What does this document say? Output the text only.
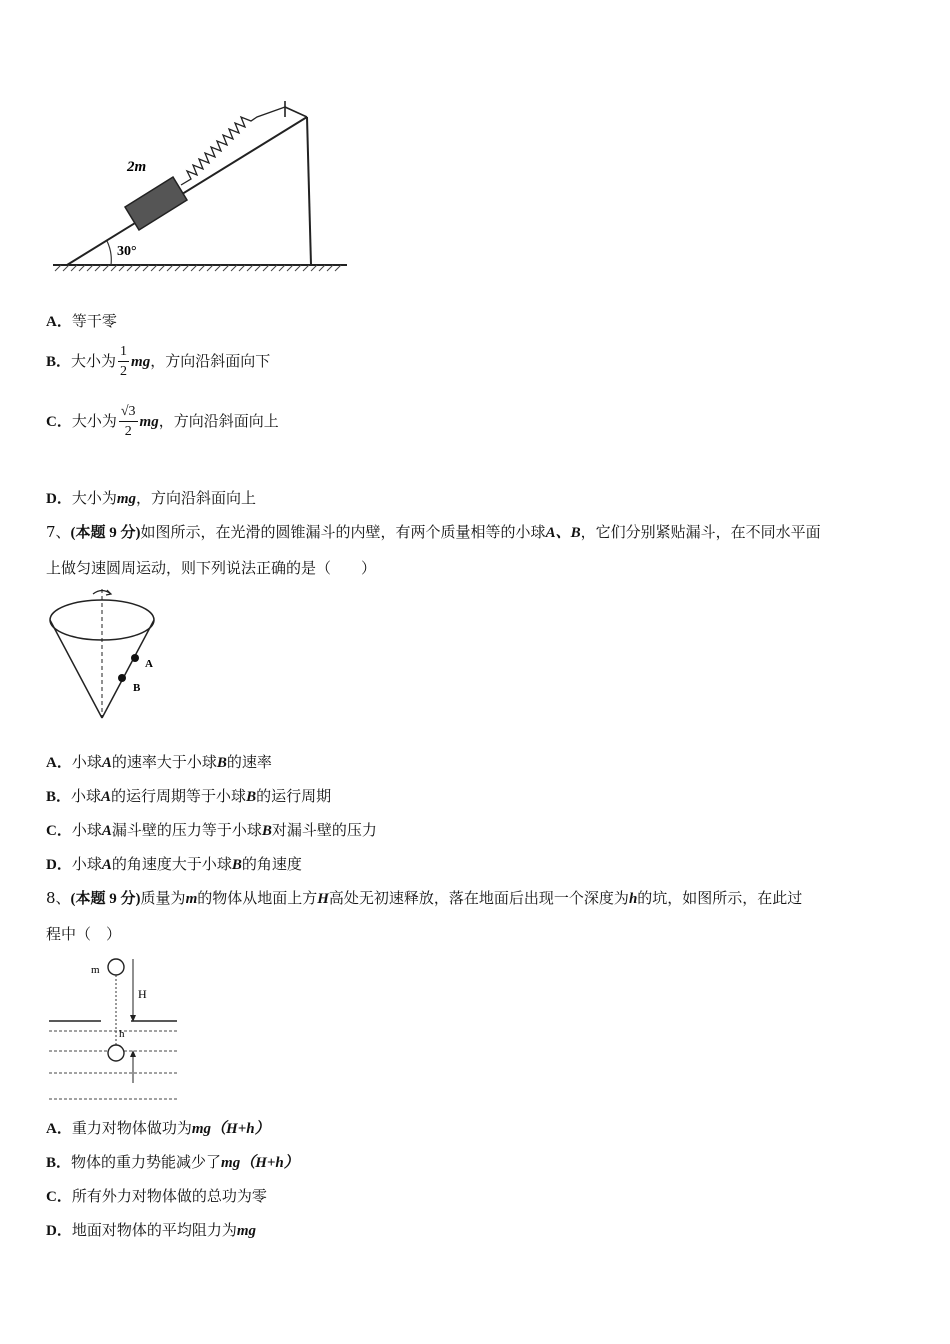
30°
2m
A．等干零
B．大小为 $\frac{1}{2}$ mg，方向沿斜面向下
C．大小为 $\frac{√3}{2}$ mg，方向沿斜面向上
D．大小为mg，方向沿斜面向上
7、(本题 9 分)如图所示，在光滑的圆锥漏斗的内壁，有两个质量相等的小球A、B，它们分别紧贴漏斗，在不同水平面
上做匀速圆周运动，则下列说法正确的是（　　）
A
B
A．小球A的速率大于小球B的速率
B．小球A的运行周期等于小球B的运行周期
C．小球A漏斗壁的压力等于小球B对漏斗壁的压力
D．小球A的角速度大于小球B的角速度
8、(本题 9 分)质量为m的物体从地面上方H高处无初速释放，落在地面后出现一个深度为h的坑，如图所示，在此过
程中（　）
m
H
h
A．重力对物体做功为mg（H+h）
B．物体的重力势能减少了mg（H+h）
C．所有外力对物体做的总功为零
D．地面对物体的平均阻力为mg
